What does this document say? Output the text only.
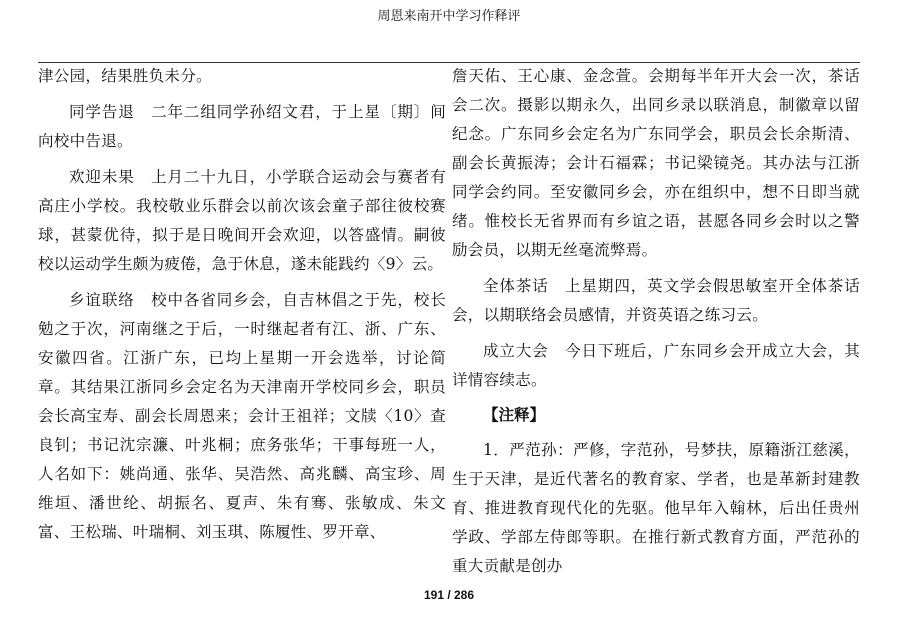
周恩来南开中学习作释评

津公园，结果胜负未分。

同学告退　二年二组同学孙绍文君，于上星〔期〕间向校中告退。

欢迎未果　上月二十九日，小学联合运动会与赛者有高庄小学校。我校敬业乐群会以前次该会童子部往彼校赛球，甚蒙优待，拟于是日晚间开会欢迎，以答盛情。嗣彼校以运动学生颇为疲倦，急于休息，遂未能践约〈9〉云。

乡谊联络　校中各省同乡会，自吉林倡之于先，校长勉之于次，河南继之于后，一时继起者有江、浙、广东、安徽四省。江浙广东，已均上星期一开会选举，讨论简章。其结果江浙同乡会定名为天津南开学校同乡会，职员会长高宝寿、副会长周恩来；会计王祖祥；文牍〈10〉查良钊；书记沈宗濂、叶兆桐；庶务张华；干事每班一人，人名如下：姚尚通、张华、吴浩然、高兆麟、高宝珍、周维垣、潘世纶、胡振名、夏声、朱有骞、张敏成、朱文富、王松瑞、叶瑞桐、刘玉琪、陈履性、罗开章、

詹天佑、王心康、金念萱。会期每半年开大会一次，茶话会二次。摄影以期永久，出同乡录以联消息，制徽章以留纪念。广东同乡会定名为广东同学会，职员会长余斯清、副会长黄振涛；会计石福霖；书记梁镜尧。其办法与江浙同学会约同。至安徽同乡会，亦在组织中，想不日即当就绪。惟校长无省界而有乡谊之语，甚愿各同乡会时以之警励会员，以期无丝毫流弊焉。

全体茶话　上星期四，英文学会假思敏室开全体茶话会，以期联络会员感情，并资英语之练习云。

成立大会　今日下班后，广东同乡会开成立大会，其详情容续志。

【注释】

1．严范孙：严修，字范孙，号梦扶，原籍浙江慈溪，生于天津，是近代著名的教育家、学者，也是革新封建教育、推进教育现代化的先驱。他早年入翰林，后出任贵州学政、学部左侍郎等职。在推行新式教育方面，严范孙的重大贡献是创办

191 / 286
